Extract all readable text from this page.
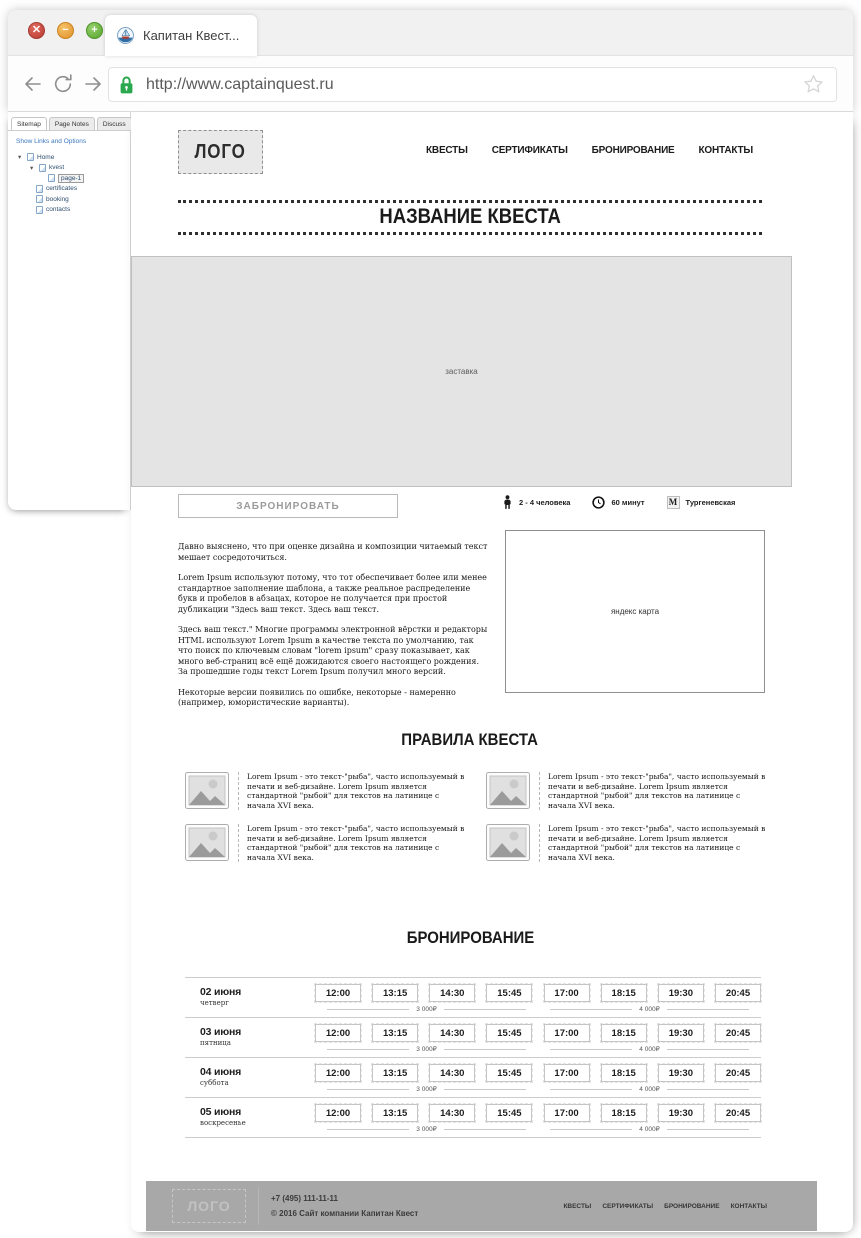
✕	−	+	Капитан Квест...
http://www.captainquest.ru
Sitemap	Page Notes	Discuss
Show Links and Options
▾
Home
▾
kvest
page-1
certificates
booking
contacts
ЛОГО	КВЕСТЫ СЕРТИФИКАТЫ БРОНИРОВАНИЕ КОНТАКТЫ
НАЗВАНИЕ КВЕСТА
заставка
ЗАБРОНИРОВАТЬ	2 - 4 человека	60 минут	М	Тургеневская

Давно выяснено, что при оценке дизайна и композиции читаемый текст мешает сосредоточиться.

Lorem Ipsum используют потому, что тот обеспечивает более или менее стандартное заполнение шаблона, а также реальное распределение букв и пробелов в абзацах, которое не получается при простой дубликации "Здесь ваш текст. Здесь ваш текст.

Здесь ваш текст." Многие программы электронной вёрстки и редакторы HTML используют Lorem Ipsum в качестве текста по умолчанию, так что поиск по ключевым словам "lorem ipsum" сразу показывает, как много веб-страниц всё ещё дожидаются своего настоящего рождения. За прошедшие годы текст Lorem Ipsum получил много версий.

Некоторые версии появились по ошибке, некоторые - намеренно (например, юмористические варианты).

яндекс карта
ПРАВИЛА КВЕСТА
Lorem Ipsum - это текст-"рыба", часто используемый в печати и веб-дизайне. Lorem Ipsum является стандартной "рыбой" для текстов на латинице с начала XVI века.
Lorem Ipsum - это текст-"рыба", часто используемый в печати и веб-дизайне. Lorem Ipsum является стандартной "рыбой" для текстов на латинице с начала XVI века.
Lorem Ipsum - это текст-"рыба", часто используемый в печати и веб-дизайне. Lorem Ipsum является стандартной "рыбой" для текстов на латинице с начала XVI века.
Lorem Ipsum - это текст-"рыба", часто используемый в печати и веб-дизайне. Lorem Ipsum является стандартной "рыбой" для текстов на латинице с начала XVI века.
БРОНИРОВАНИЕ
02 июня
четверг
12:00	13:15	14:30	15:45	17:00	18:15	19:30	20:45
3 000₽	4 000₽
03 июня
пятница
12:00	13:15	14:30	15:45	17:00	18:15	19:30	20:45
3 000₽	4 000₽
04 июня
суббота
12:00	13:15	14:30	15:45	17:00	18:15	19:30	20:45
3 000₽	4 000₽
05 июня
воскресенье
12:00	13:15	14:30	15:45	17:00	18:15	19:30	20:45
3 000₽	4 000₽
ЛОГО	+7 (495) 111-11-11
© 2016 Сайт компании Капитан Квест
КВЕСТЫ СЕРТИФИКАТЫ БРОНИРОВАНИЕ КОНТАКТЫ
